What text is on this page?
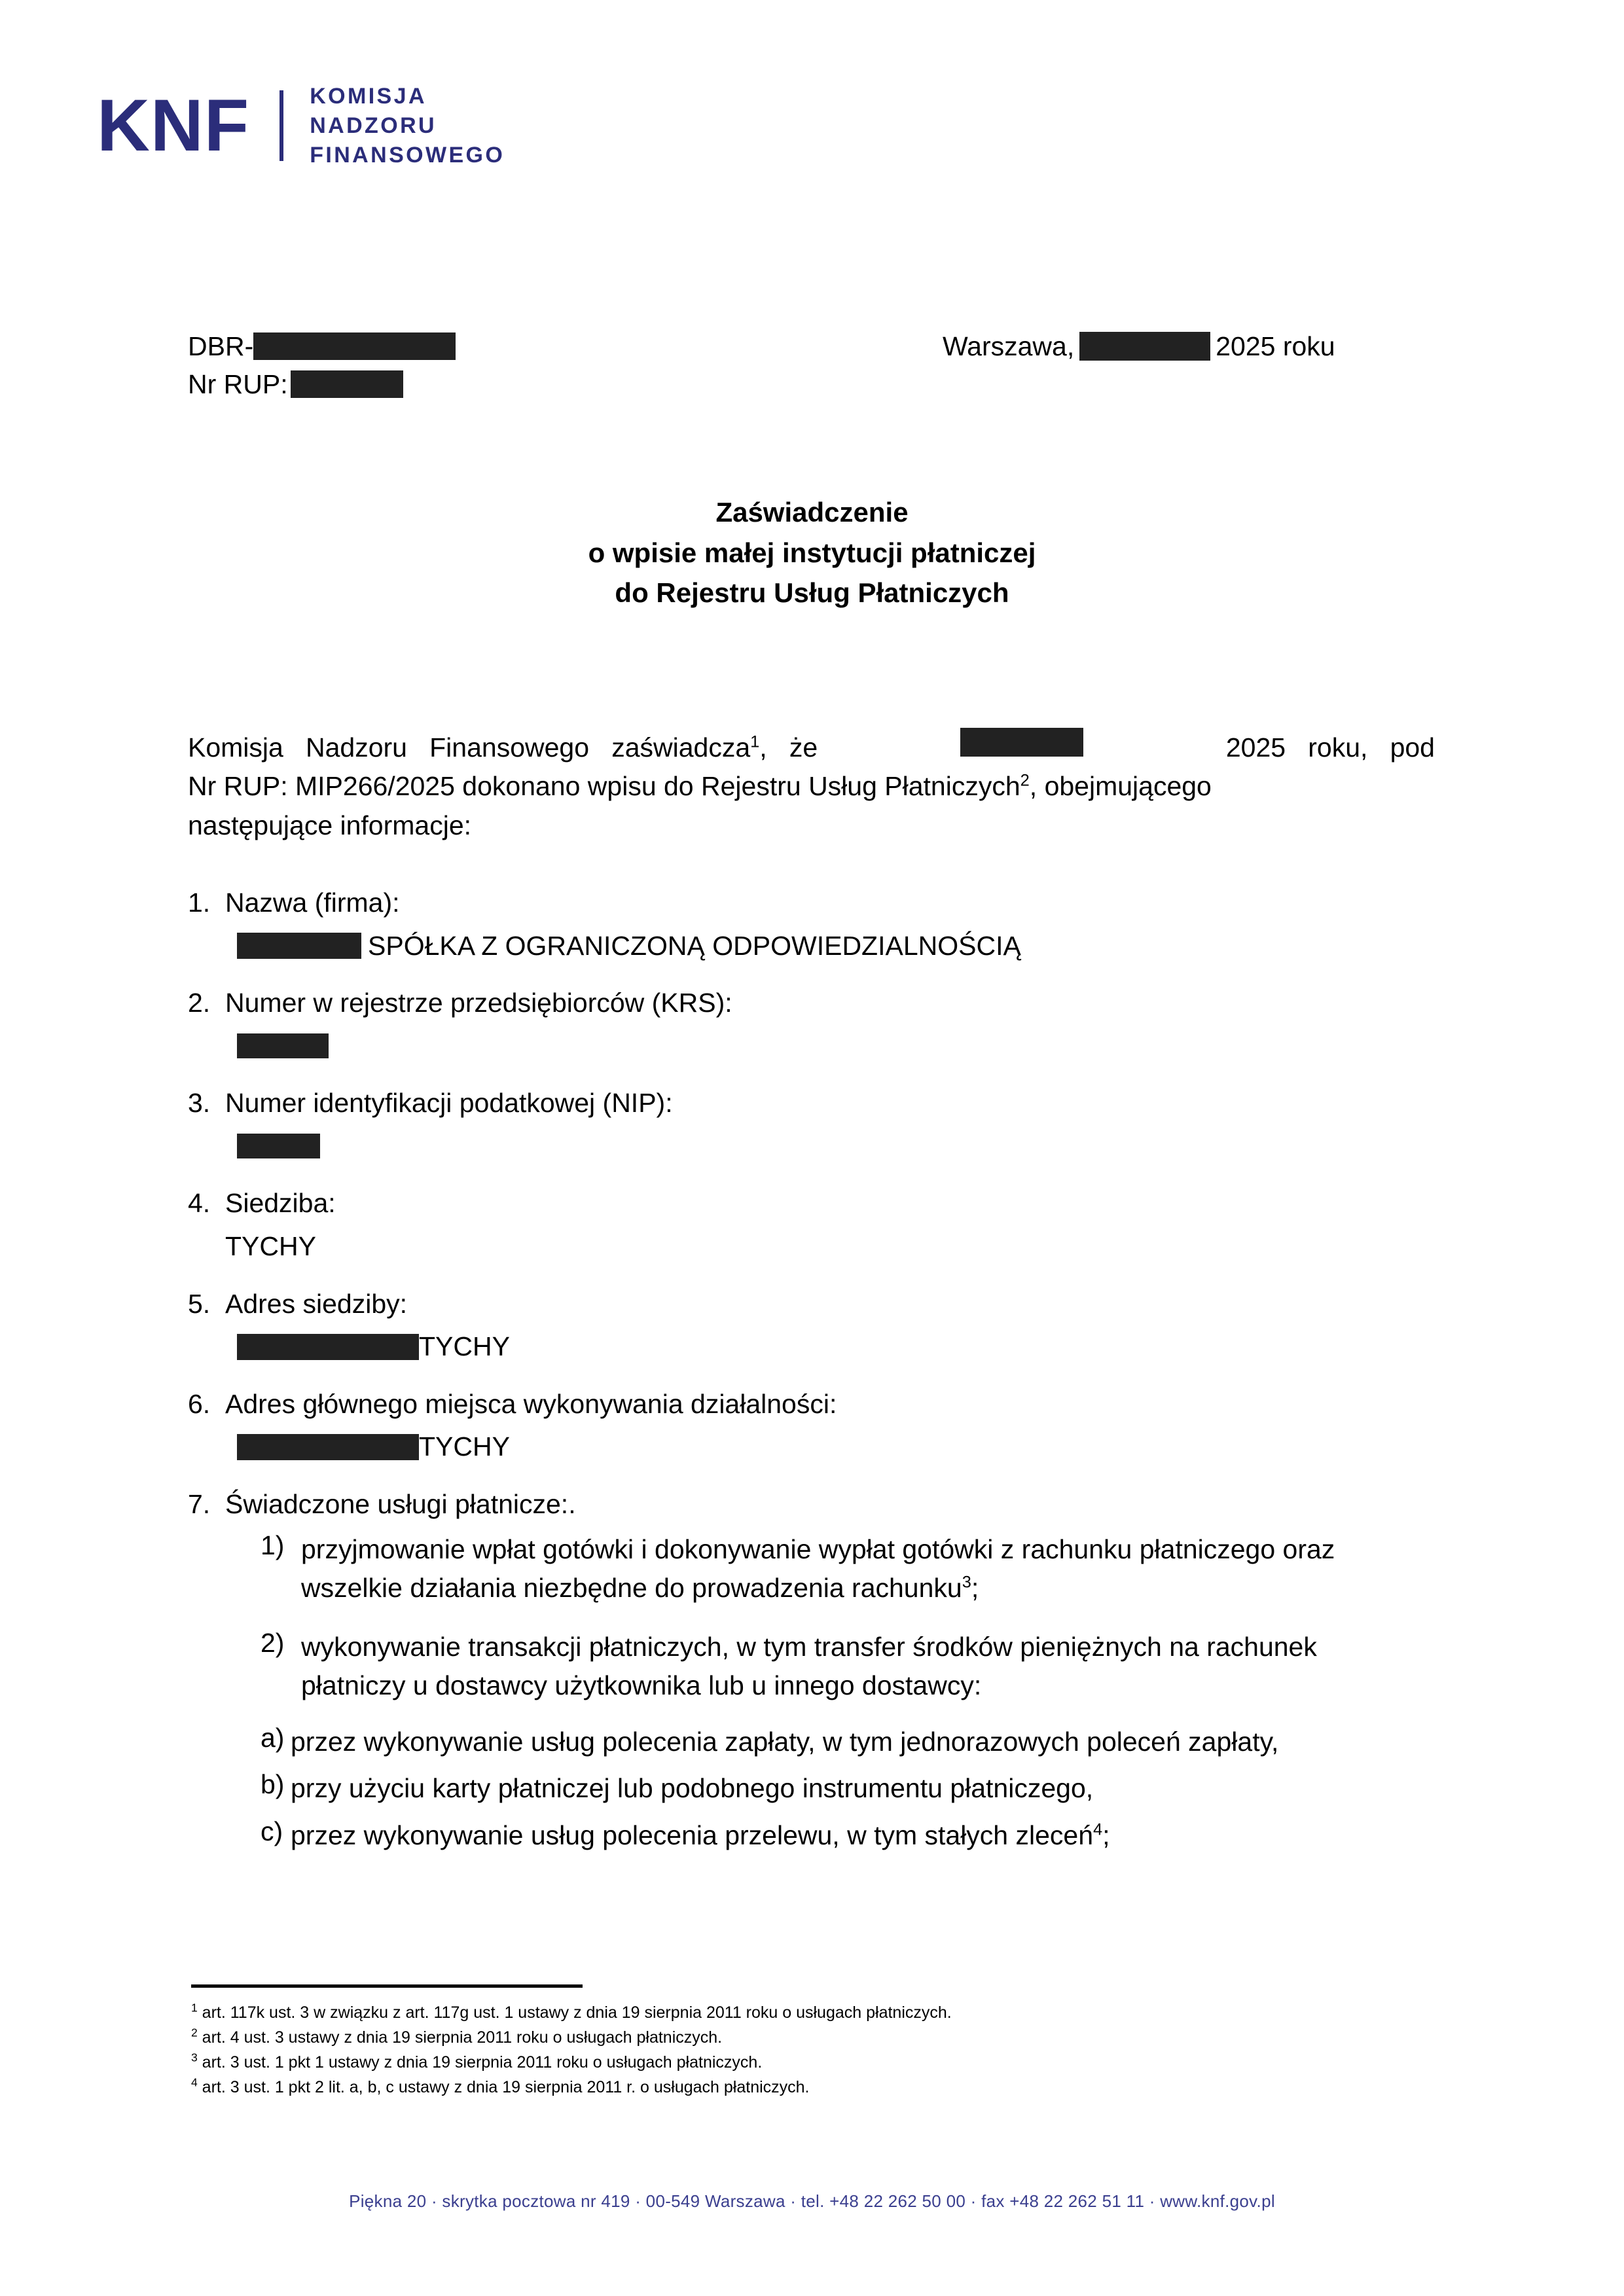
KNF	KOMISJA
NADZORU
FINANSOWEGO
DBR-
Nr RUP:
Warszawa,	2025 roku
Zaświadczenie
o wpisie małej instytucji płatniczej
do Rejestru Usług Płatniczych
Komisja   Nadzoru   Finansowego   zaświadcza$^1$,   że	2025   roku,   pod
Nr RUP: MIP266/2025 dokonano wpisu do Rejestru Usług Płatniczych$^2$, obejmującego
następujące informacje:
1. Nazwa (firma):
SPÓŁKA Z OGRANICZONĄ ODPOWIEDZIALNOŚCIĄ
2. Numer w rejestrze przedsiębiorców (KRS):
3. Numer identyfikacji podatkowej (NIP):
4. Siedziba:
TYCHY
5. Adres siedziby:
TYCHY
6. Adres głównego miejsca wykonywania działalności:
TYCHY
7. Świadczone usługi płatnicze:.
1) przyjmowanie wpłat gotówki i dokonywanie wypłat gotówki z rachunku płatniczego oraz
wszelkie działania niezbędne do prowadzenia rachunku$^3$;
2) wykonywanie transakcji płatniczych, w tym transfer środków pieniężnych na rachunek
płatniczy u dostawcy użytkownika lub u innego dostawcy:
a) przez wykonywanie usług polecenia zapłaty, w tym jednorazowych poleceń zapłaty,
b) przy użyciu karty płatniczej lub podobnego instrumentu płatniczego,
c) przez wykonywanie usług polecenia przelewu, w tym stałych zleceń$^4$;
$^1$ art. 117k ust. 3 w związku z art. 117g ust. 1 ustawy z dnia 19 sierpnia 2011 roku o usługach płatniczych.
$^2$ art. 4 ust. 3 ustawy z dnia 19 sierpnia 2011 roku o usługach płatniczych.
$^3$ art. 3 ust. 1 pkt 1 ustawy z dnia 19 sierpnia 2011 roku o usługach płatniczych.
$^4$ art. 3 ust. 1 pkt 2 lit. a, b, c ustawy z dnia 19 sierpnia 2011 r. o usługach płatniczych.
Piękna 20 · skrytka pocztowa nr 419 · 00-549 Warszawa · tel. +48 22 262 50 00 · fax +48 22 262 51 11 · www.knf.gov.pl
